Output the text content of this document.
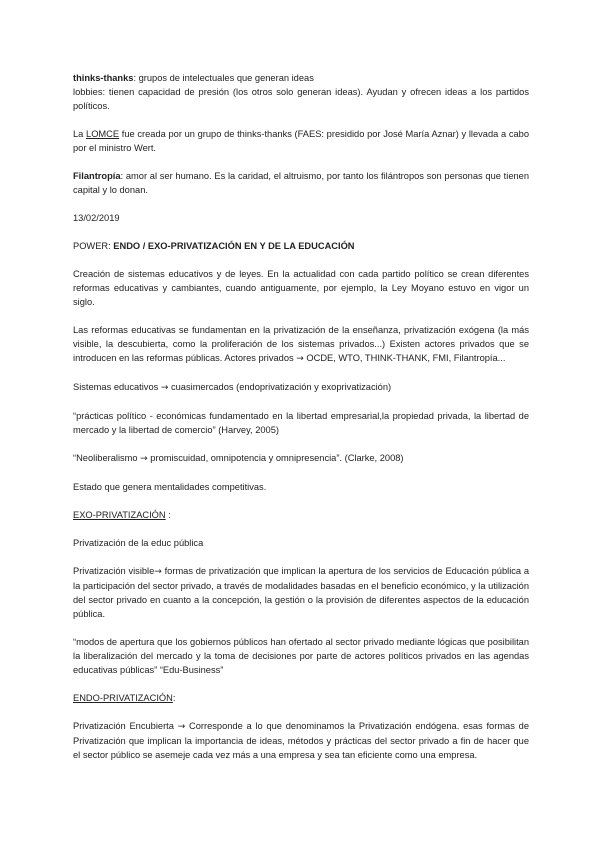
thinks-thanks: grupos de intelectuales que generan ideas

lobbies: tienen capacidad de presión (los otros solo generan ideas). Ayudan y ofrecen ideas a los partidos políticos.

La LOMCE fue creada por un grupo de thinks-thanks (FAES: presidido por José María Aznar) y llevada a cabo por el ministro Wert.

Filantropía: amor al ser humano. Es la caridad, el altruismo, por tanto los filántropos son personas que tienen capital y lo donan.

13/02/2019

POWER: ENDO / EXO-PRIVATIZACIÓN EN Y DE LA EDUCACIÓN

Creación de sistemas educativos y de leyes. En la actualidad con cada partido político se crean diferentes reformas educativas y cambiantes, cuando antiguamente, por ejemplo, la Ley Moyano estuvo en vigor un siglo.

Las reformas educativas se fundamentan en la privatización de la enseñanza, privatización exógena (la más visible, la descubierta, como la proliferación de los sistemas privados...) Existen actores privados que se introducen en las reformas públicas. Actores privados → OCDE, WTO, THINK-THANK, FMI, Filantropía...

Sistemas educativos → cuasimercados (endoprivatización y exoprivatización)

“prácticas político - económicas fundamentado en la libertad empresarial,la propiedad privada, la libertad de mercado y la libertad de comercio” (Harvey, 2005)

“Neoliberalismo → promiscuidad, omnipotencia y omnipresencia”. (Clarke, 2008)

Estado que genera mentalidades competitivas.

EXO-PRIVATIZACIÓN :

Privatización de la educ pública

Privatización visible→ formas de privatización que implican la apertura de los servicios de Educación pública a la participación del sector privado, a través de modalidades basadas en el beneficio económico, y la utilización del sector privado en cuanto a la concepción, la gestión o la provisión de diferentes aspectos de la educación pública.

“modos de apertura que los gobiernos públicos han ofertado al sector privado mediante lógicas que posibilitan la liberalización del mercado y la toma de decisiones por parte de actores políticos privados en las agendas educativas públicas” “Edu-Business”

ENDO-PRIVATIZACIÓN:

Privatización Encubierta → Corresponde a lo que denominamos la Privatización endógena. esas formas de Privatización que implican la importancia de ideas, métodos y prácticas del sector privado a fin de hacer que el sector público se asemeje cada vez más a una empresa y sea tan eficiente como una empresa.
